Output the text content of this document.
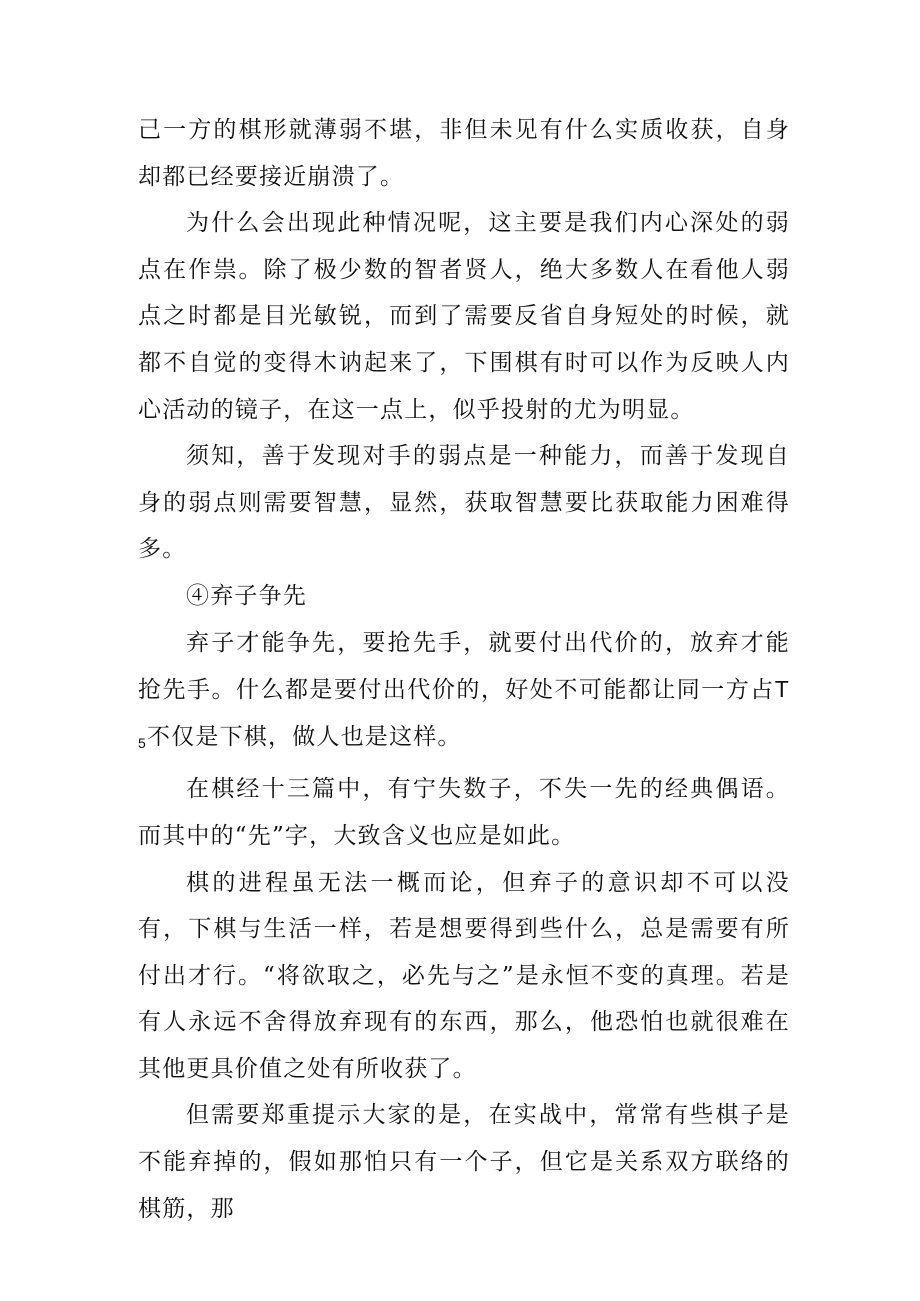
己一方的棋形就薄弱不堪，非但未见有什么实质收获，自身却都已经要接近崩溃了。

为什么会出现此种情况呢，这主要是我们内心深处的弱点在作祟。除了极少数的智者贤人，绝大多数人在看他人弱点之时都是目光敏锐，而到了需要反省自身短处的时候，就都不自觉的变得木讷起来了，下围棋有时可以作为反映人内心活动的镜子，在这一点上，似乎投射的尤为明显。

须知，善于发现对手的弱点是一种能力，而善于发现自身的弱点则需要智慧，显然，获取智慧要比获取能力困难得多。

④弃子争先

弃子才能争先，要抢先手，就要付出代价的，放弃才能抢先手。什么都是要付出代价的，好处不可能都让同一方占$T_5$不仅是下棋，做人也是这样。

在棋经十三篇中，有宁失数子，不失一先的经典偶语。而其中的“先”字，大致含义也应是如此。

棋的进程虽无法一概而论，但弃子的意识却不可以没有，下棋与生活一样，若是想要得到些什么，总是需要有所付出才行。“将欲取之，必先与之”是永恒不变的真理。若是有人永远不舍得放弃现有的东西，那么，他恐怕也就很难在其他更具价值之处有所收获了。

但需要郑重提示大家的是，在实战中，常常有些棋子是不能弃掉的，假如那怕只有一个子，但它是关系双方联络的棋筋，那
